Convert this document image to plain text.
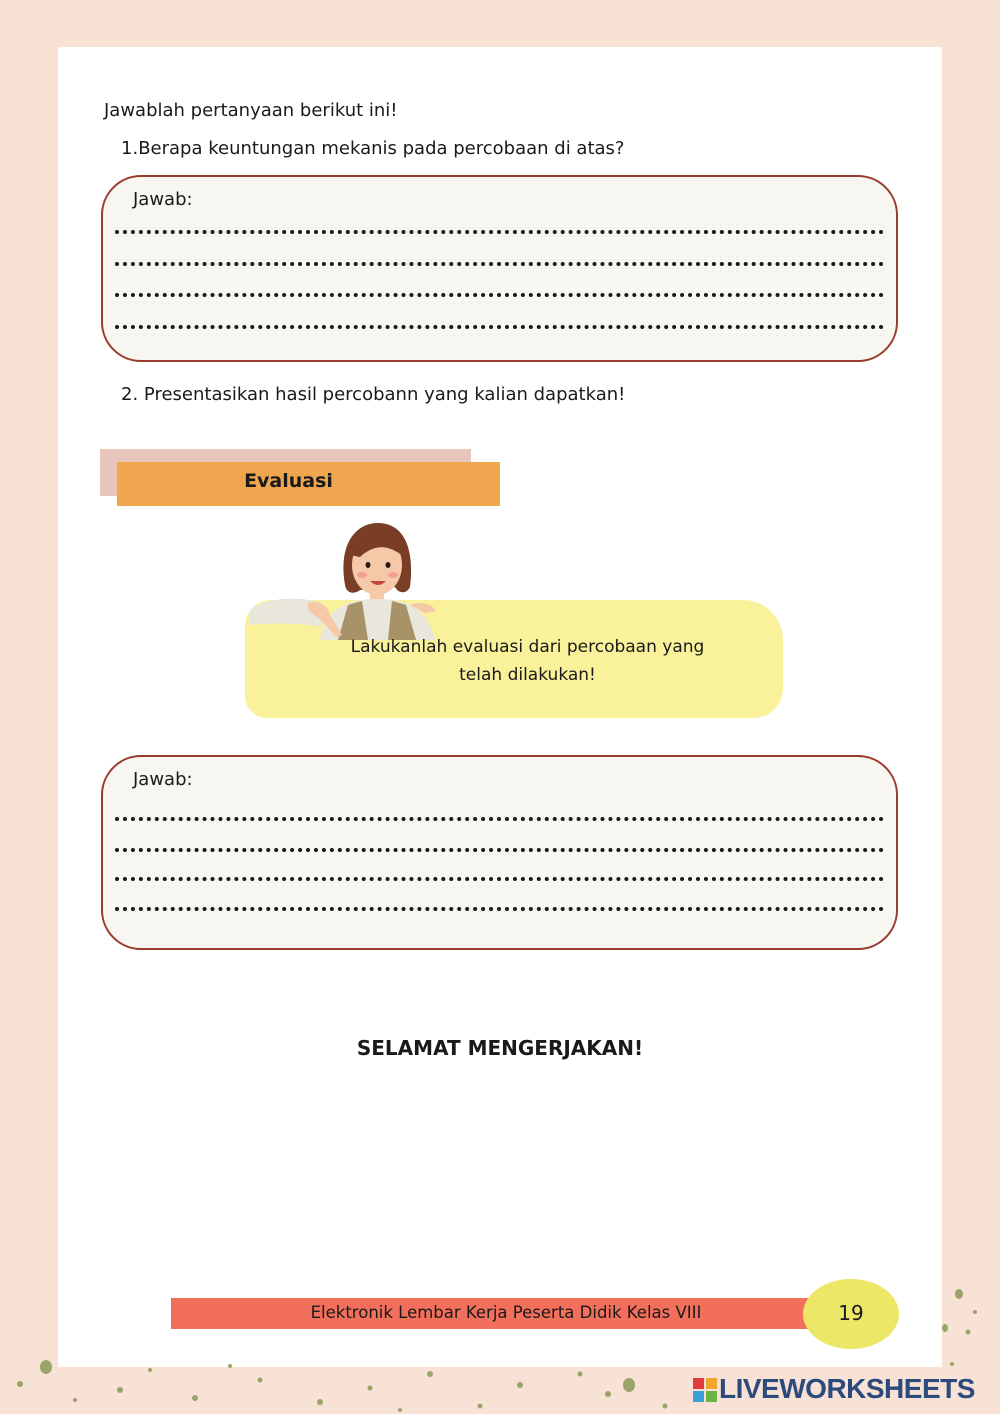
Jawablah pertanyaan berikut ini!
1.Berapa keuntungan mekanis pada percobaan di atas?
Jawab:
2. Presentasikan hasil percobann yang kalian dapatkan!
Evaluasi
Lakukanlah evaluasi dari percobaan yang
telah dilakukan!
Jawab:
SELAMAT MENGERJAKAN!
Elektronik Lembar Kerja Peserta Didik Kelas VIII	19
LIVEWORKSHEETS
